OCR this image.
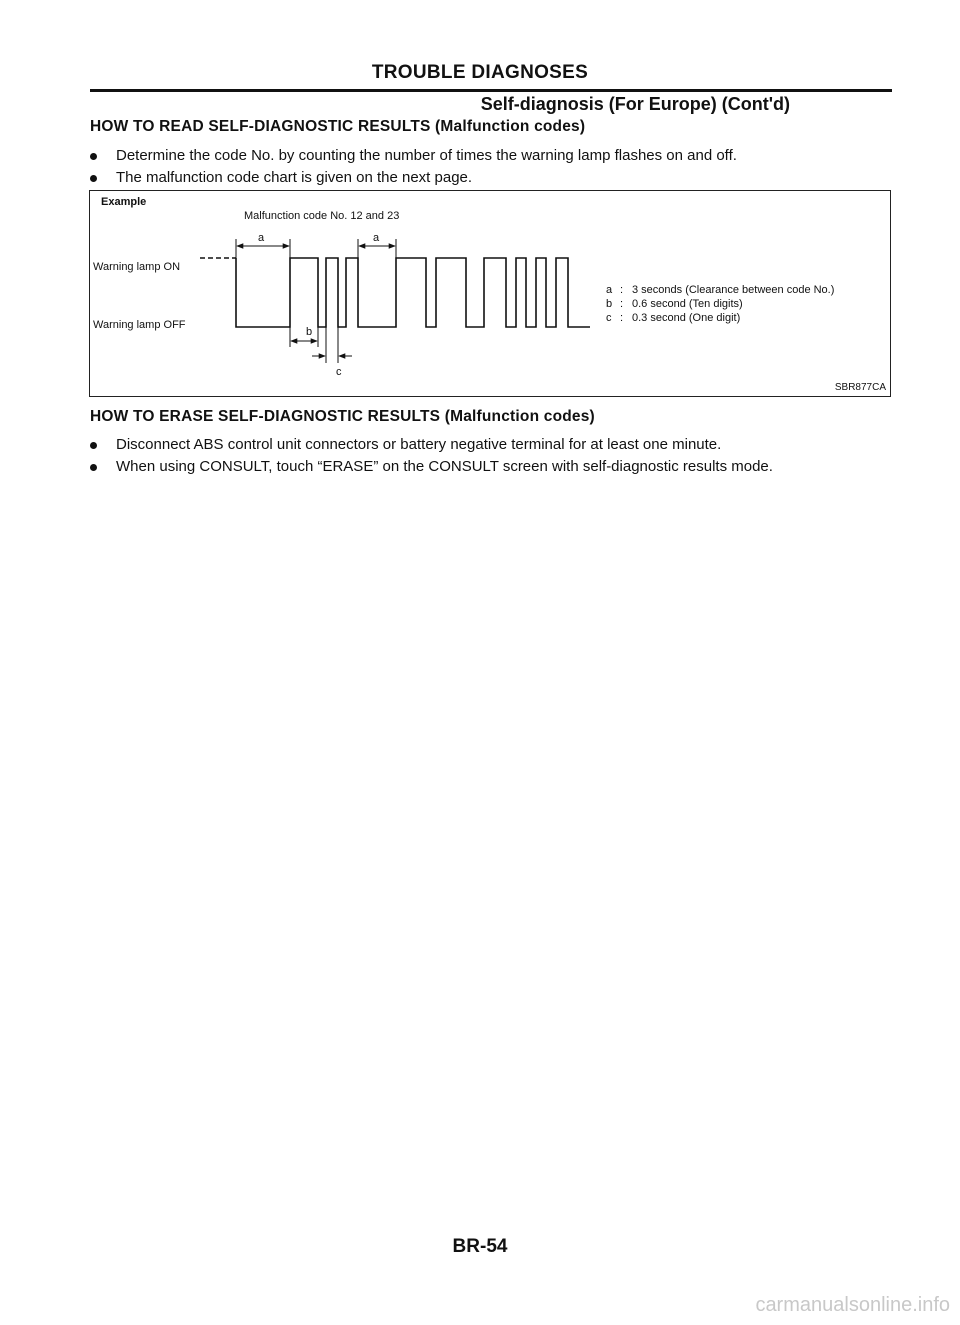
TROUBLE DIAGNOSES
Self-diagnosis (For Europe) (Cont'd)
HOW TO READ SELF-DIAGNOSTIC RESULTS (Malfunction codes)
Determine the code No. by counting the number of times the warning lamp flashes on and off.
The malfunction code chart is given on the next page.
Example
Malfunction code No. 12 and 23
Warning lamp ON
Warning lamp OFF
a	a
b
c
a : 3 seconds (Clearance between code No.)
b : 0.6 second (Ten digits)
c : 0.3 second (One digit)
SBR877CA
HOW TO ERASE SELF-DIAGNOSTIC RESULTS (Malfunction codes)
Disconnect ABS control unit connectors or battery negative terminal for at least one minute.
When using CONSULT, touch “ERASE” on the CONSULT screen with self-diagnostic results mode.
BR-54
carmanualsonline.info
